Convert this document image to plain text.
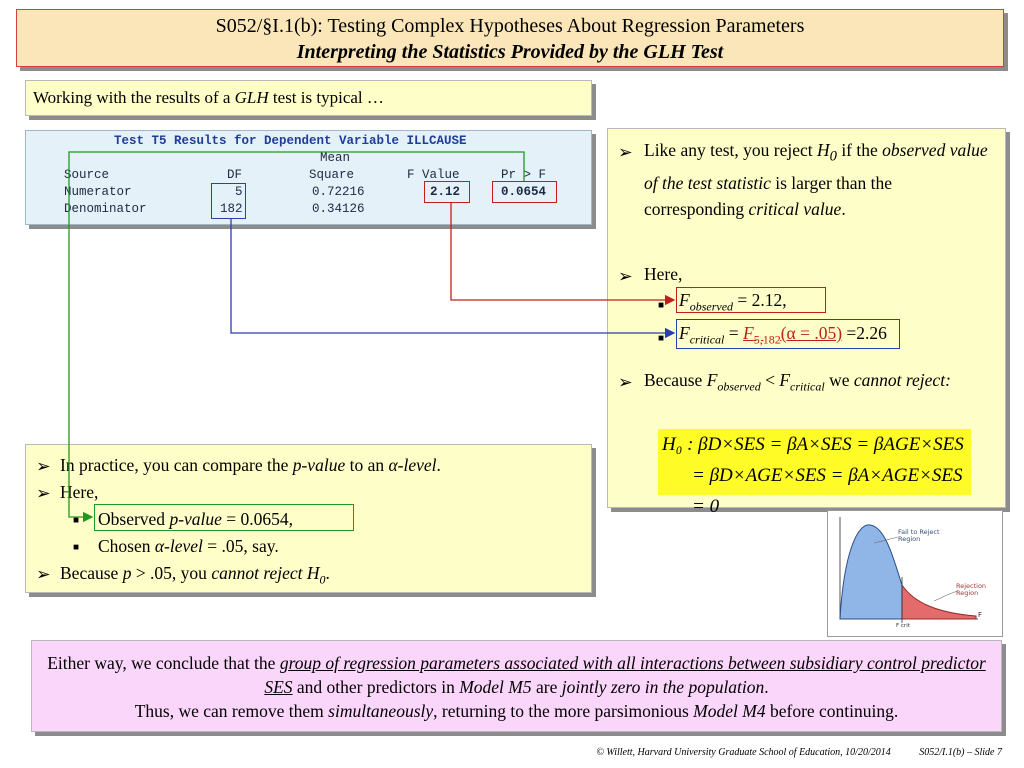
S052/§I.1(b): Testing Complex Hypotheses About Regression Parameters
Interpreting the Statistics Provided by the GLH Test
Working with the results of a GLH test is typical …
Test T5 Results for Dependent Variable ILLCAUSE
Mean
Source	DF	Square	F Value	Pr > F
Numerator	5	0.72216	2.12	0.0654
Denominator	182	0.34126
➢ Like any test, you reject $H_0$ if the observed value of the test statistic is larger than the corresponding critical value.
➢ Here,
■ $F_{observed} = 2.12$,
■ $F_{critical} = F_{5,182}(\alpha = .05) =2.26$
➢ Because $F_{observed} < F_{critical}$ we cannot reject:
H₀ : βD×SES = βA×SES = βAGE×SES
= βD×AGE×SES = βA×AGE×SES = 0
➢ In practice, you can compare the p-value to an α-level.
➢ Here,
■ Observed p-value = 0.0654,
■ Chosen α-level = .05, say.
➢ Because p > .05, you cannot reject $H_0$.
Fail to Reject Region
Rejection Region
F
F crit
Either way, we conclude that the group of regression parameters associated with all interactions between subsidiary control predictor SES and other predictors in Model M5 are jointly zero in the population.
Thus, we can remove them simultaneously, returning to the more parsimonious Model M4 before continuing.
© Willett, Harvard University Graduate School of Education, 10/20/2014	S052/I.1(b) – Slide 7
